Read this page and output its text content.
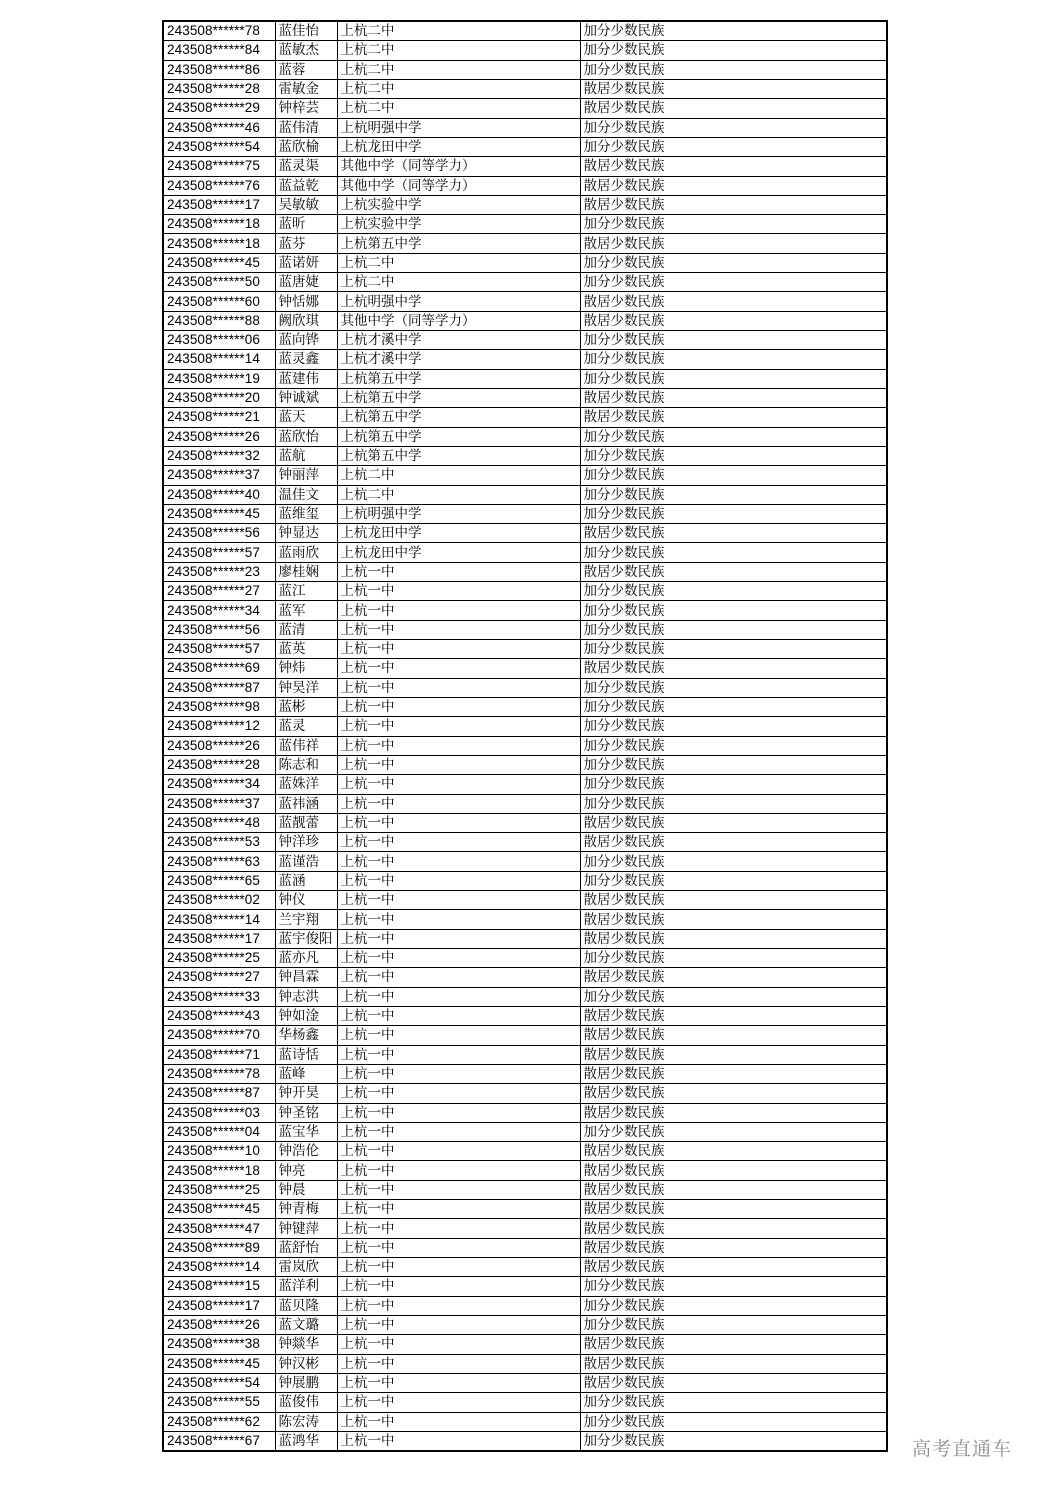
243508******78	蓝佳怡	上杭二中	加分少数民族
243508******84	蓝敏杰	上杭二中	加分少数民族
243508******86	蓝蓉	上杭二中	加分少数民族
243508******28	雷敏金	上杭二中	散居少数民族
243508******29	钟梓芸	上杭二中	散居少数民族
243508******46	蓝伟清	上杭明强中学	加分少数民族
243508******54	蓝欣榆	上杭龙田中学	加分少数民族
243508******75	蓝灵渠	其他中学（同等学力）	散居少数民族
243508******76	蓝益乾	其他中学（同等学力）	散居少数民族
243508******17	吴敏敏	上杭实验中学	散居少数民族
243508******18	蓝昕	上杭实验中学	加分少数民族
243508******18	蓝芬	上杭第五中学	散居少数民族
243508******45	蓝诺妍	上杭二中	加分少数民族
243508******50	蓝唐婕	上杭二中	加分少数民族
243508******60	钟恬娜	上杭明强中学	散居少数民族
243508******88	阙欣琪	其他中学（同等学力）	散居少数民族
243508******06	蓝向铧	上杭才溪中学	加分少数民族
243508******14	蓝灵鑫	上杭才溪中学	加分少数民族
243508******19	蓝建伟	上杭第五中学	加分少数民族
243508******20	钟诚斌	上杭第五中学	散居少数民族
243508******21	蓝天	上杭第五中学	散居少数民族
243508******26	蓝欣怡	上杭第五中学	加分少数民族
243508******32	蓝航	上杭第五中学	加分少数民族
243508******37	钟丽萍	上杭二中	加分少数民族
243508******40	温佳文	上杭二中	加分少数民族
243508******45	蓝维玺	上杭明强中学	加分少数民族
243508******56	钟显达	上杭龙田中学	散居少数民族
243508******57	蓝雨欣	上杭龙田中学	加分少数民族
243508******23	廖桂娴	上杭一中	散居少数民族
243508******27	蓝江	上杭一中	加分少数民族
243508******34	蓝军	上杭一中	加分少数民族
243508******56	蓝清	上杭一中	加分少数民族
243508******57	蓝英	上杭一中	加分少数民族
243508******69	钟炜	上杭一中	散居少数民族
243508******87	钟昊洋	上杭一中	加分少数民族
243508******98	蓝彬	上杭一中	加分少数民族
243508******12	蓝灵	上杭一中	加分少数民族
243508******26	蓝伟祥	上杭一中	加分少数民族
243508******28	陈志和	上杭一中	加分少数民族
243508******34	蓝姝洋	上杭一中	加分少数民族
243508******37	蓝祎涵	上杭一中	加分少数民族
243508******48	蓝靓蕾	上杭一中	散居少数民族
243508******53	钟洋珍	上杭一中	散居少数民族
243508******63	蓝谨浩	上杭一中	加分少数民族
243508******65	蓝涵	上杭一中	加分少数民族
243508******02	钟仪	上杭一中	散居少数民族
243508******14	兰宇翔	上杭一中	散居少数民族
243508******17	蓝宇俊阳	上杭一中	散居少数民族
243508******25	蓝亦凡	上杭一中	加分少数民族
243508******27	钟昌霖	上杭一中	散居少数民族
243508******33	钟志洪	上杭一中	加分少数民族
243508******43	钟如淦	上杭一中	散居少数民族
243508******70	华杨鑫	上杭一中	散居少数民族
243508******71	蓝诗恬	上杭一中	散居少数民族
243508******78	蓝峰	上杭一中	散居少数民族
243508******87	钟开昊	上杭一中	散居少数民族
243508******03	钟圣铭	上杭一中	散居少数民族
243508******04	蓝宝华	上杭一中	加分少数民族
243508******10	钟浩伦	上杭一中	散居少数民族
243508******18	钟亮	上杭一中	散居少数民族
243508******25	钟晨	上杭一中	散居少数民族
243508******45	钟青梅	上杭一中	散居少数民族
243508******47	钟键萍	上杭一中	散居少数民族
243508******89	蓝舒怡	上杭一中	散居少数民族
243508******14	雷岚欣	上杭一中	散居少数民族
243508******15	蓝洋利	上杭一中	加分少数民族
243508******17	蓝贝隆	上杭一中	加分少数民族
243508******26	蓝文璐	上杭一中	加分少数民族
243508******38	钟燚华	上杭一中	散居少数民族
243508******45	钟汉彬	上杭一中	散居少数民族
243508******54	钟展鹏	上杭一中	散居少数民族
243508******55	蓝俊伟	上杭一中	加分少数民族
243508******62	陈宏涛	上杭一中	加分少数民族
243508******67	蓝鸿华	上杭一中	加分少数民族	高考直通车
